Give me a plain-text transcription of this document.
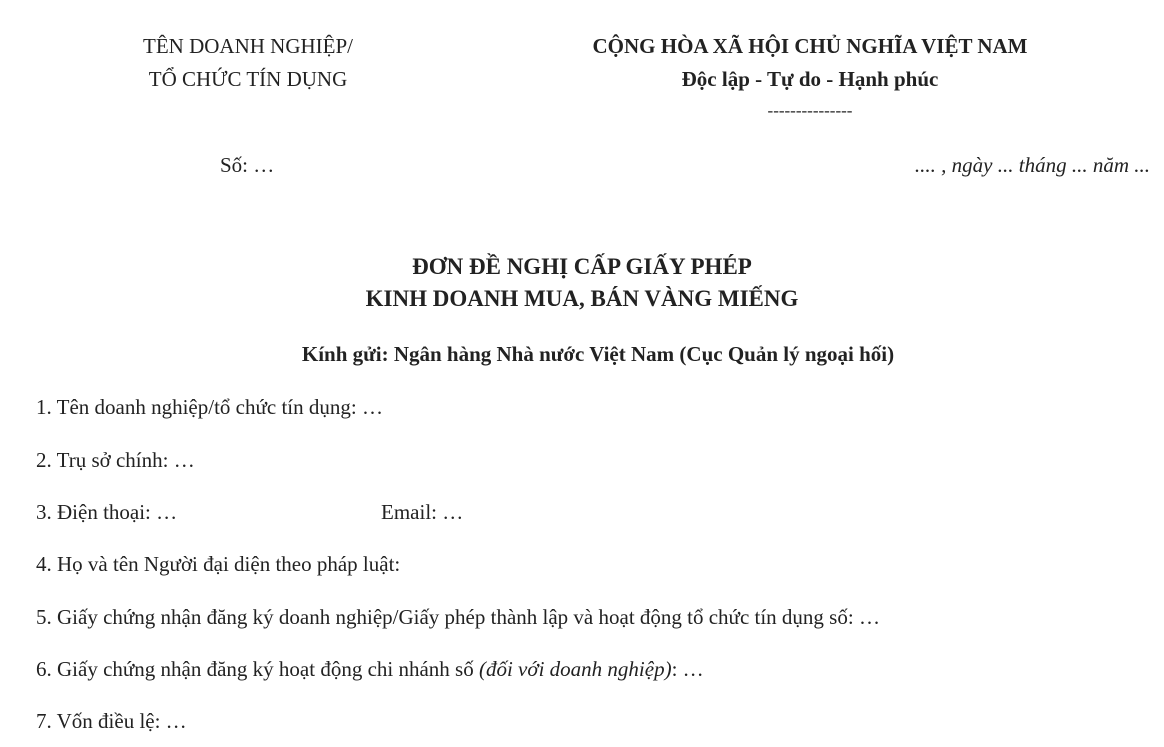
TÊN DOANH NGHIỆP/
TỔ CHỨC TÍN DỤNG
CỘNG HÒA XÃ HỘI CHỦ NGHĨA VIỆT NAM
Độc lập - Tự do - Hạnh phúc
---------------
Số: …	.... , ngày ... tháng ... năm ...
ĐƠN ĐỀ NGHỊ CẤP GIẤY PHÉP
KINH DOANH MUA, BÁN VÀNG MIẾNG
Kính gửi: Ngân hàng Nhà nước Việt Nam (Cục Quản lý ngoại hối)
1. Tên doanh nghiệp/tổ chức tín dụng: …
2. Trụ sở chính: …
3. Điện thoại: …	Email: …
4. Họ và tên Người đại diện theo pháp luật:
5. Giấy chứng nhận đăng ký doanh nghiệp/Giấy phép thành lập và hoạt động tổ chức tín dụng số: …
6. Giấy chứng nhận đăng ký hoạt động chi nhánh số (đối với doanh nghiệp): …
7. Vốn điều lệ: …
